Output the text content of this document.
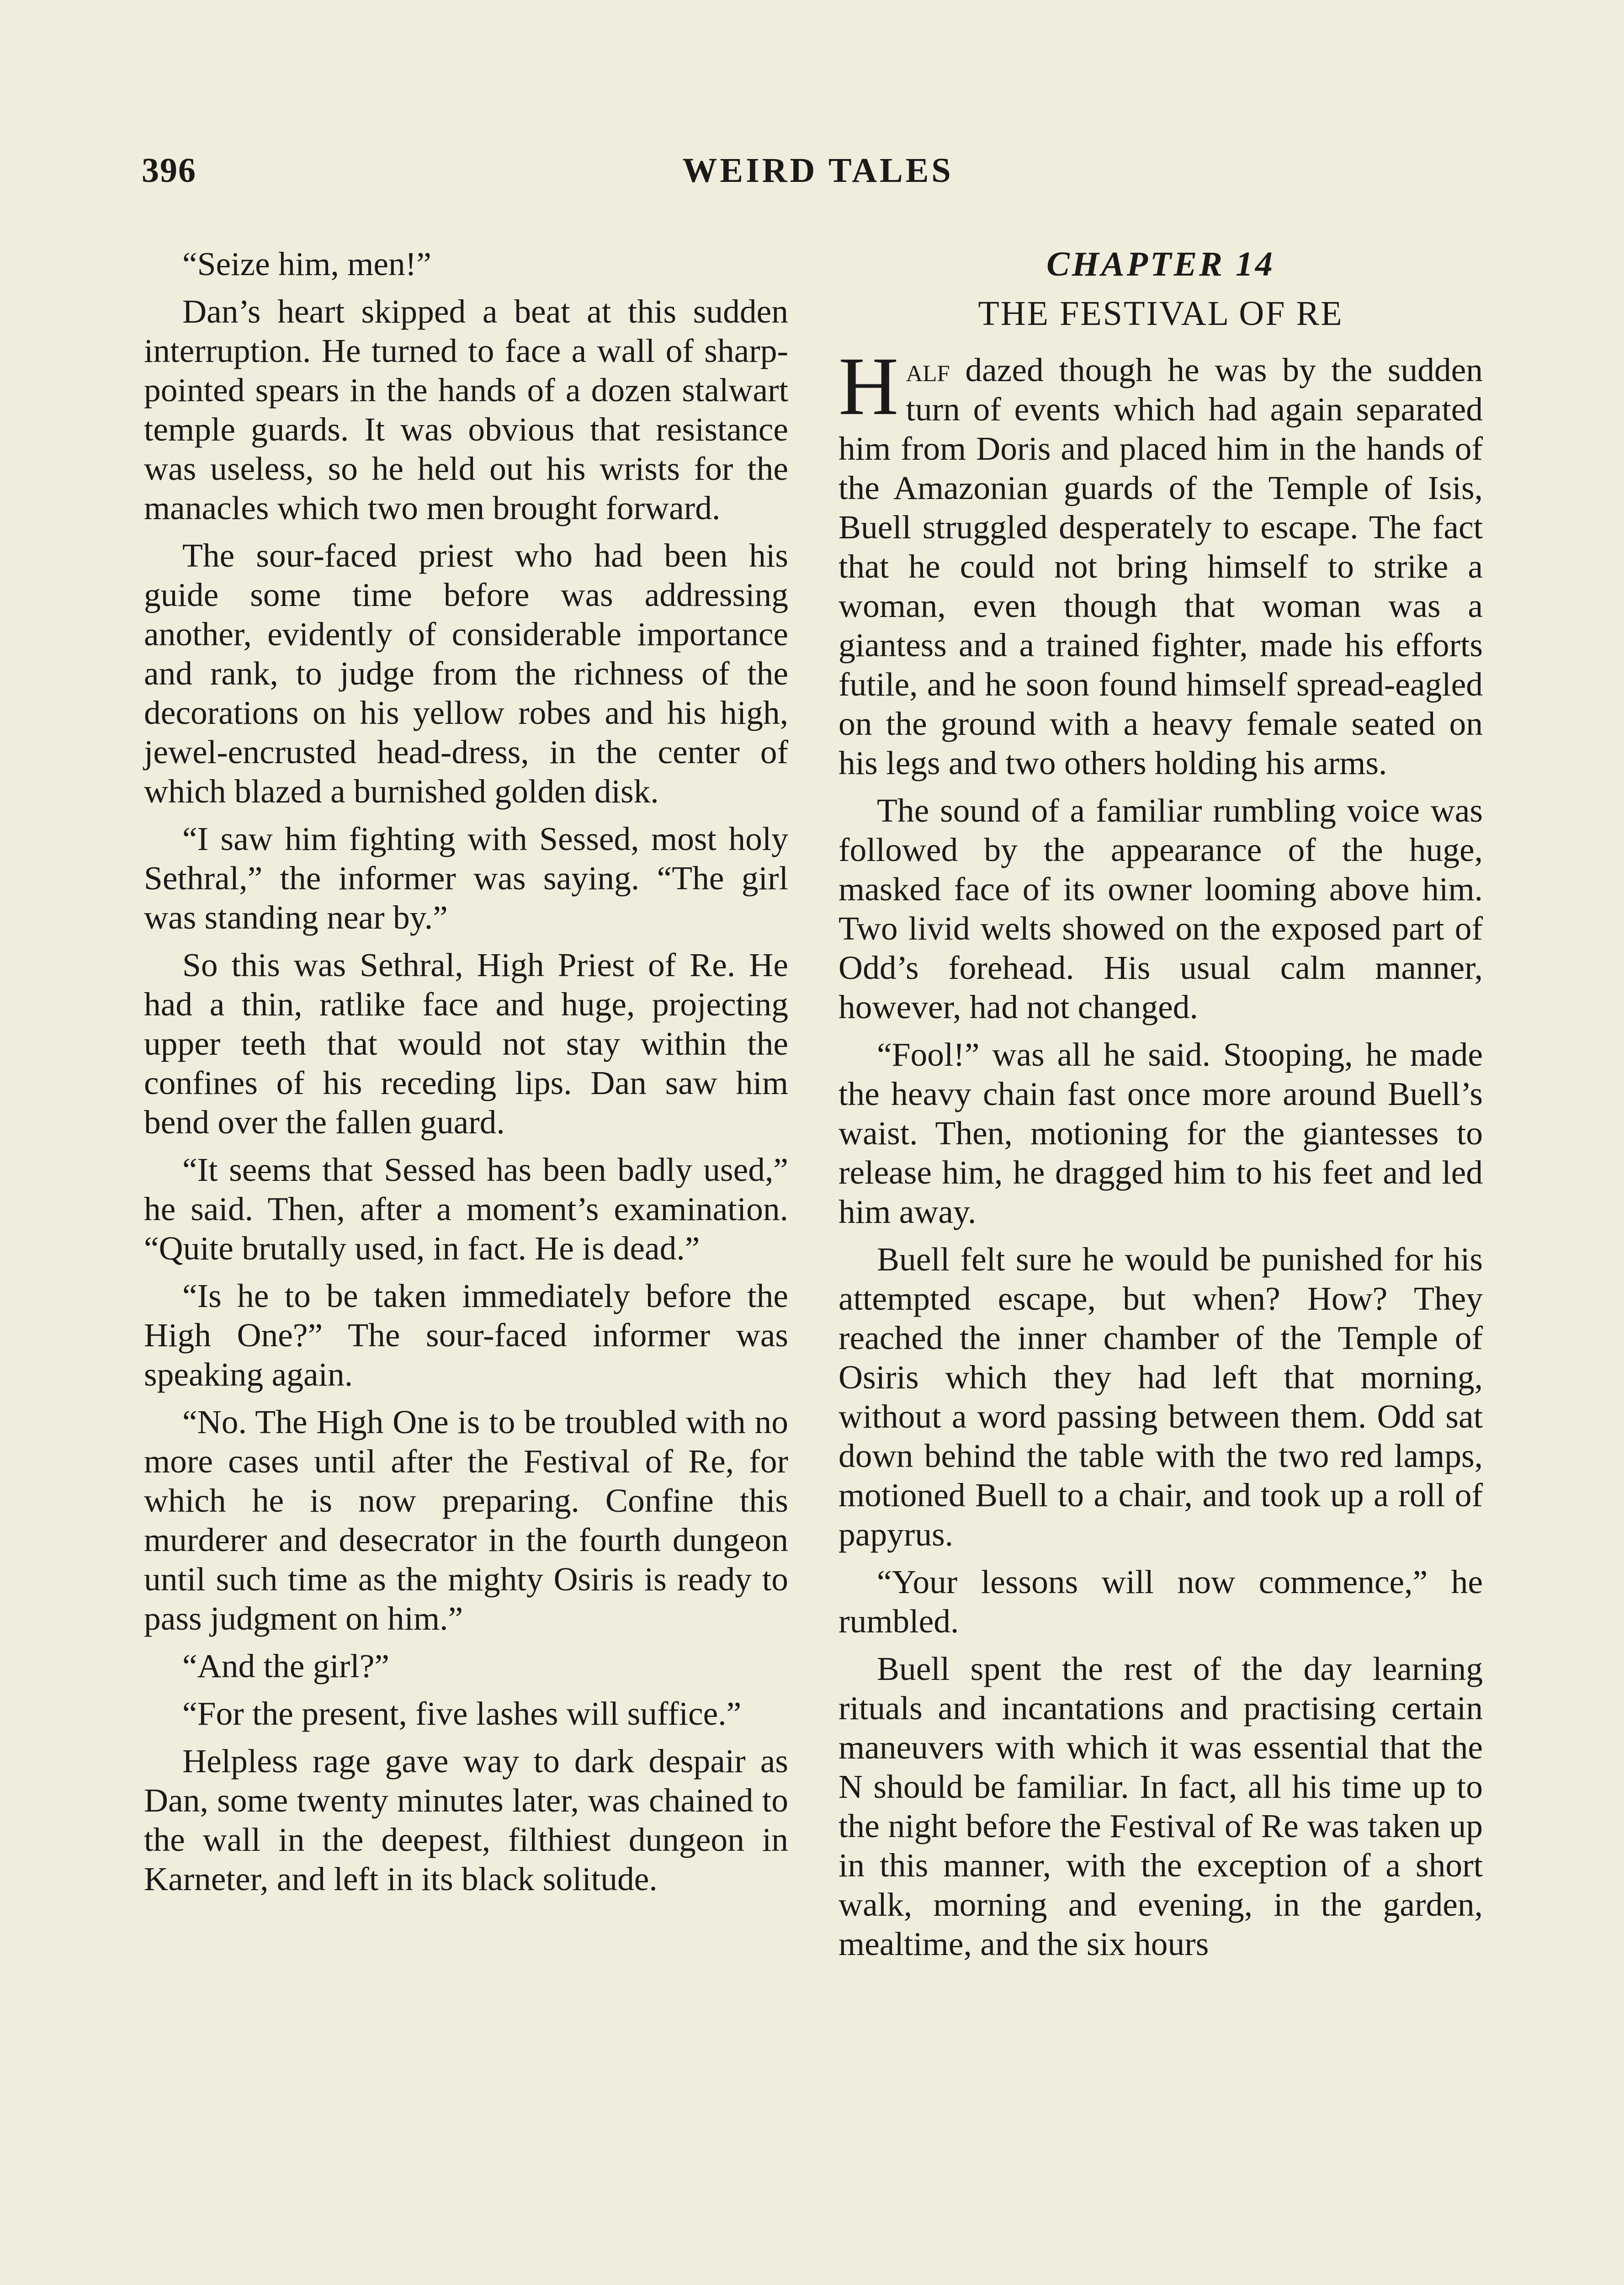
396	WEIRD TALES

“Seize him, men!”

Dan’s heart skipped a beat at this sudden interruption. He turned to face a wall of sharp-pointed spears in the hands of a dozen stalwart temple guards. It was obvious that resistance was useless, so he held out his wrists for the manacles which two men brought forward.

The sour-faced priest who had been his guide some time before was addressing another, evidently of considerable importance and rank, to judge from the richness of the decorations on his yellow robes and his high, jewel-encrusted head-dress, in the center of which blazed a burnished golden disk.

“I saw him fighting with Sessed, most holy Sethral,” the informer was saying. “The girl was standing near by.”

So this was Sethral, High Priest of Re. He had a thin, ratlike face and huge, projecting upper teeth that would not stay within the confines of his receding lips. Dan saw him bend over the fallen guard.

“It seems that Sessed has been badly used,” he said. Then, after a moment’s examination. “Quite brutally used, in fact. He is dead.”

“Is he to be taken immediately before the High One?” The sour-faced informer was speaking again.

“No. The High One is to be troubled with no more cases until after the Festival of Re, for which he is now preparing. Confine this murderer and desecrator in the fourth dungeon until such time as the mighty Osiris is ready to pass judgment on him.”

“And the girl?”

“For the present, five lashes will suffice.”

Helpless rage gave way to dark despair as Dan, some twenty minutes later, was chained to the wall in the deepest, filthiest dungeon in Karneter, and left in its black solitude.

CHAPTER 14
THE FESTIVAL OF RE

Half dazed though he was by the sudden turn of events which had again separated him from Doris and placed him in the hands of the Amazonian guards of the Temple of Isis, Buell struggled desperately to escape. The fact that he could not bring himself to strike a woman, even though that woman was a giantess and a trained fighter, made his efforts futile, and he soon found himself spread-eagled on the ground with a heavy female seated on his legs and two others holding his arms.

The sound of a familiar rumbling voice was followed by the appearance of the huge, masked face of its owner looming above him. Two livid welts showed on the exposed part of Odd’s forehead. His usual calm manner, however, had not changed.

“Fool!” was all he said. Stooping, he made the heavy chain fast once more around Buell’s waist. Then, motioning for the giantesses to release him, he dragged him to his feet and led him away.

Buell felt sure he would be punished for his attempted escape, but when? How? They reached the inner chamber of the Temple of Osiris which they had left that morning, without a word passing between them. Odd sat down behind the table with the two red lamps, motioned Buell to a chair, and took up a roll of papyrus.

“Your lessons will now commence,” he rumbled.

Buell spent the rest of the day learning rituals and incantations and practising certain maneuvers with which it was essential that the N should be familiar. In fact, all his time up to the night before the Festival of Re was taken up in this manner, with the exception of a short walk, morning and evening, in the garden, mealtime, and the six hours
